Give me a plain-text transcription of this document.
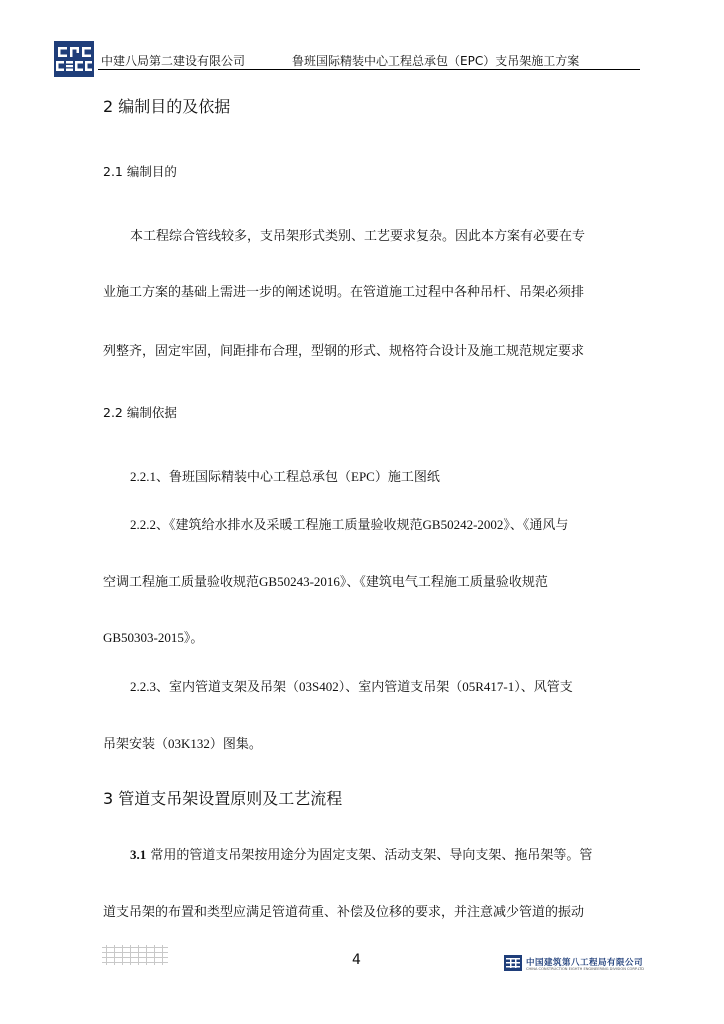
中建八局第二建设有限公司	鲁班国际精装中心工程总承包（EPC）支吊架施工方案
2 编制目的及依据
2.1 编制目的
本工程综合管线较多，支吊架形式类别、工艺要求复杂。因此本方案有必要在专
业施工方案的基础上需进一步的阐述说明。在管道施工过程中各种吊杆、吊架必须排
列整齐，固定牢固，间距排布合理，型钢的形式、规格符合设计及施工规范规定要求
2.2 编制依据
2.2.1、鲁班国际精装中心工程总承包（EPC）施工图纸
2.2.2、《建筑给水排水及采暖工程施工质量验收规范GB50242-2002》、《通风与
空调工程施工质量验收规范GB50243-2016》、《建筑电气工程施工质量验收规范
GB50303-2015》。
2.2.3、室内管道支架及吊架（03S402）、室内管道支吊架（05R417-1）、风管支
吊架安装（03K132）图集。
3 管道支吊架设置原则及工艺流程
3.1 常用的管道支吊架按用途分为固定支架、活动支架、导向支架、拖吊架等。管
道支吊架的布置和类型应满足管道荷重、补偿及位移的要求，并注意减少管道的振动
4	中国建筑第八工程局有限公司
CHINA CONSTRUCTION EIGHTH ENGINEERING DIVISION CORP.LTD
